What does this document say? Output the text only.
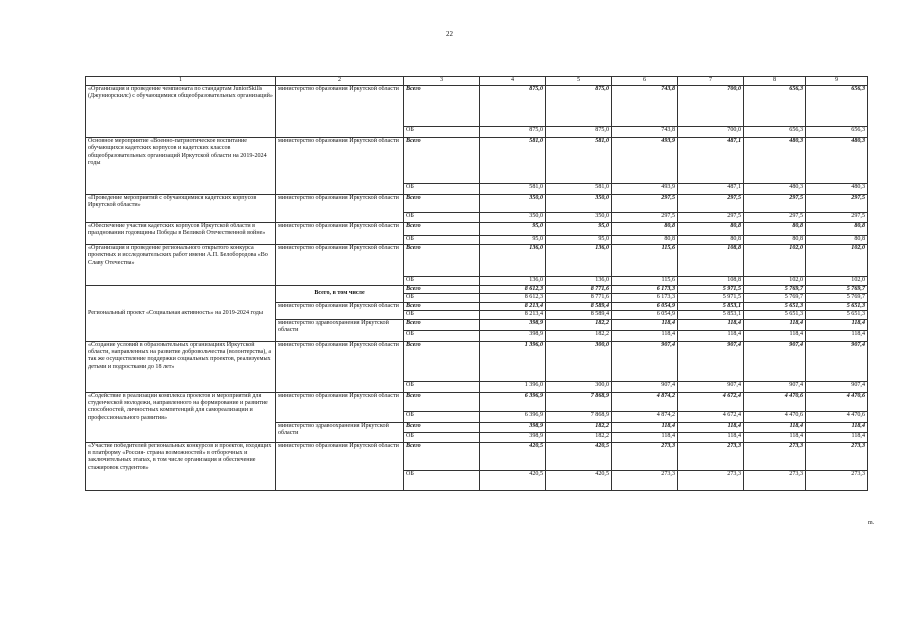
22
1	2	3	4	5	6	7	8	9
«Организация и проведение чемпионата по стандартам JuniorSkills (Джуниорскилс) с обучающимися общеобразовательных организаций»	министерство образования Иркутской области	Всего	875,0	875,0	743,8	700,0	656,3	656,3
		ОБ	875,0	875,0	743,8	700,0	656,3	656,3
Основное мероприятие «Военно-патриотическое воспитание обучающихся кадетских корпусов и кадетских классов общеобразовательных организаций Иркутской области на 2019-2024 годы	министерство образования Иркутской области	Всего	581,0	581,0	493,9	487,1	480,3	480,3
		ОБ	581,0	581,0	493,9	487,1	480,3	480,3
«Проведение мероприятий с обучающимися кадетских корпусов Иркутской области»	министерство образования Иркутской области	Всего	350,0	350,0	297,5	297,5	297,5	297,5
		ОБ	350,0	350,0	297,5	297,5	297,5	297,5
«Обеспечение участия кадетских корпусов Иркутской области в праздновании годовщины Победы в Великой Отечественной войне»	министерство образования Иркутской области	Всего	95,0	95,0	80,8	80,8	80,8	80,8
		ОБ	95,0	95,0	80,8	80,8	80,8	80,8
«Организация и проведение регионального открытого конкурса проектных и исследовательских работ имени А.П. Белобородова «Во Славу Отечества»	министерство образования Иркутской области	Всего	136,0	136,0	115,6	108,8	102,0	102,0
		ОБ	136,0	136,0	115,6	108,8	102,0	102,0
Региональный проект «Социальная активность» на 2019-2024 годы	Всего, в том числе	Всего	8 612,3	8 771,6	6 173,3	5 971,5	5 769,7	5 769,7
		ОБ	8 612,3	8 771,6	6 173,3	5 971,5	5 769,7	5 769,7
	министерство образования Иркутской области	Всего	8 213,4	8 589,4	6 054,9	5 853,1	5 651,3	5 651,3
		ОБ	8 213,4	8 589,4	6 054,9	5 853,1	5 651,3	5 651,3
	министерство здравоохранения Иркутской области	Всего	398,9	182,2	118,4	118,4	118,4	118,4
		ОБ	398,9	182,2	118,4	118,4	118,4	118,4
«Создание условий в образовательных организациях Иркутской области, направленных на развитие добровольчества (волонтерства), а так же осуществление поддержки социальных проектов, реализуемых детьми и подростками до 18 лет»	министерство образования Иркутской области	Всего	1 396,0	300,0	907,4	907,4	907,4	907,4
		ОБ	1 396,0	300,0	907,4	907,4	907,4	907,4
«Содействие в реализации комплекса проектов и мероприятий для студенческой молодежи, направленного на формирование и развитие способностей, личностных компетенций для самореализации и профессионального развития»	министерство образования Иркутской области	Всего	6 396,9	7 868,9	4 874,2	4 672,4	4 470,6	4 470,6
		ОБ	6 396,9	7 868,9	4 874,2	4 672,4	4 470,6	4 470,6
	министерство здравоохранения Иркутской области	Всего	398,9	182,2	118,4	118,4	118,4	118,4
		ОБ	398,9	182,2	118,4	118,4	118,4	118,4
«Участие победителей региональных конкурсов и проектов, входящих в платформу «Россия- страна возможностей» в отборочных и заключительных этапах, в том числе организация и обеспечение стажировок студентов»	министерство образования Иркутской области	Всего	420,5	420,5	273,3	273,3	273,3	273,3
		ОБ	420,5	420,5	273,3	273,3	273,3	273,3
m.
